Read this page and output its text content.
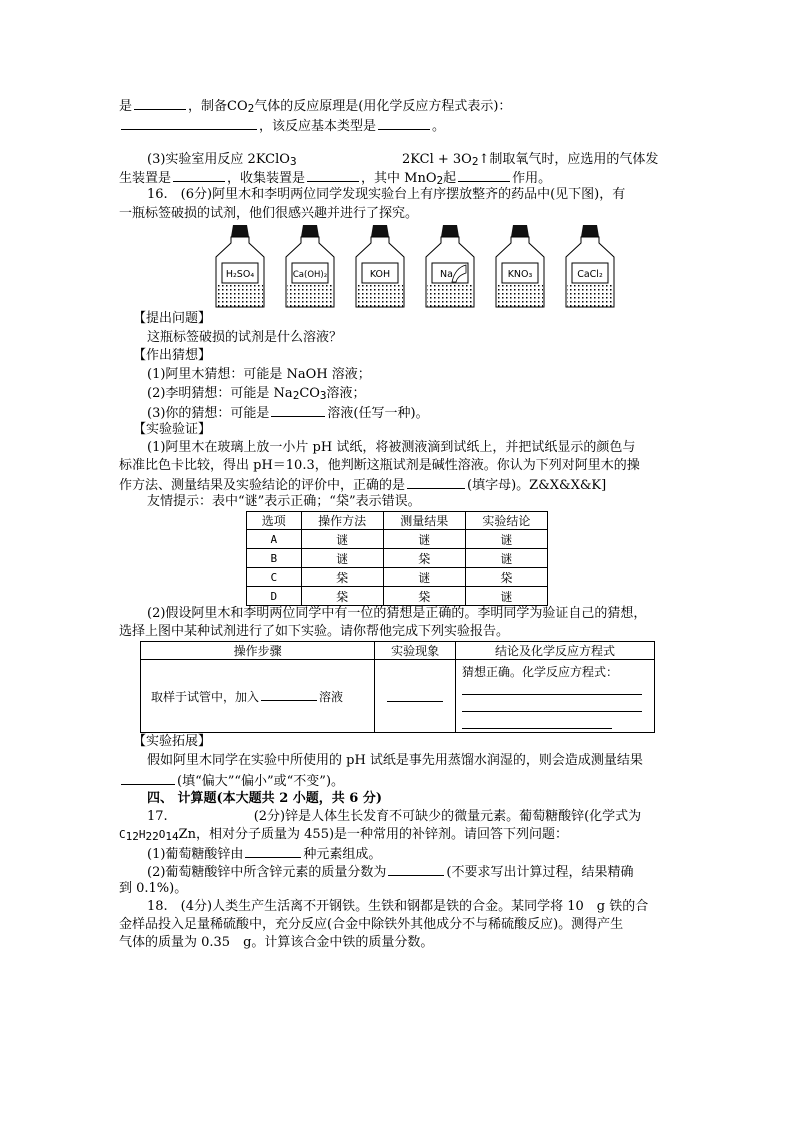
是	，制备$CO_2$气体的反应原理是(用化学反应方程式表示)：
，该反应基本类型是	。
(3)实验室用反应 2KClO$_3$	$2KCl + 3O_2↑$制取氧气时，应选用的气体发
生装置是	，收集装置是	，其中 MnO$_2$起	作用。
16.　(6分)阿里木和李明两位同学发现实验台上有序摆放整齐的药品中(见下图)，有
一瓶标签破损的试剂，他们很感兴趣并进行了探究。
H₂SO₄	Ca(OH)₂	KOH	Na	KNO₃	CaCl₂
【提出问题】
这瓶标签破损的试剂是什么溶液？
【作出猜想】
(1)阿里木猜想：可能是 NaOH 溶液；
(2)李明猜想：可能是 $Na_2CO_3$溶液；
(3)你的猜想：可能是	溶液(任写一种)。
【实验验证】
(1)阿里木在玻璃上放一小片 pH 试纸，将被测液滴到试纸上，并把试纸显示的颜色与
标准比色卡比较，得出 pH＝10.3，他判断这瓶试剂是碱性溶液。你认为下列对阿里木的操
作方法、测量结果及实验结论的评价中，正确的是	(填字母)。Z&X&X&K]
友情提示：表中“谜”表示正确；“柋”表示错误。
选项	操作方法	测量结果	实验结论
A	谜	谜	谜
B	谜	柋	谜
C	柋	谜	柋
D	柋	柋	谜
(2)假设阿里木和李明两位同学中有一位的猜想是正确的。李明同学为验证自己的猜想，
选择上图中某种试剂进行了如下实验。请你帮他完成下列实验报告。
操作步骤	实验现象	结论及化学反应方程式
取样于试管中，加入 溶液		猜想正确。化学反应方程式：
【实验拓展】
假如阿里木同学在实验中所使用的 pH 试纸是事先用蒸馏水润湿的，则会造成测量结果
(填“偏大”“偏小”或“不变”)。
四、 计算题(本大题共 2 小题，共 6 分)
17.	(2分)锌是人体生长发育不可缺少的微量元素。葡萄糖酸锌(化学式为
$C_{12}H_{22}O_{14}Zn$，相对分子质量为 455)是一种常用的补锌剂。请回答下列问题：
(1)葡萄糖酸锌由	种元素组成。
(2)葡萄糖酸锌中所含锌元素的质量分数为	(不要求写出计算过程，结果精确
到 0.1%)。
18.　(4分)人类生产生活离不开钢铁。生铁和钢都是铁的合金。某同学将 10　g 铁的合
金样品投入足量稀硫酸中，充分反应(合金中除铁外其他成分不与稀硫酸反应)。测得产生
气体的质量为 0.35　g。计算该合金中铁的质量分数。
